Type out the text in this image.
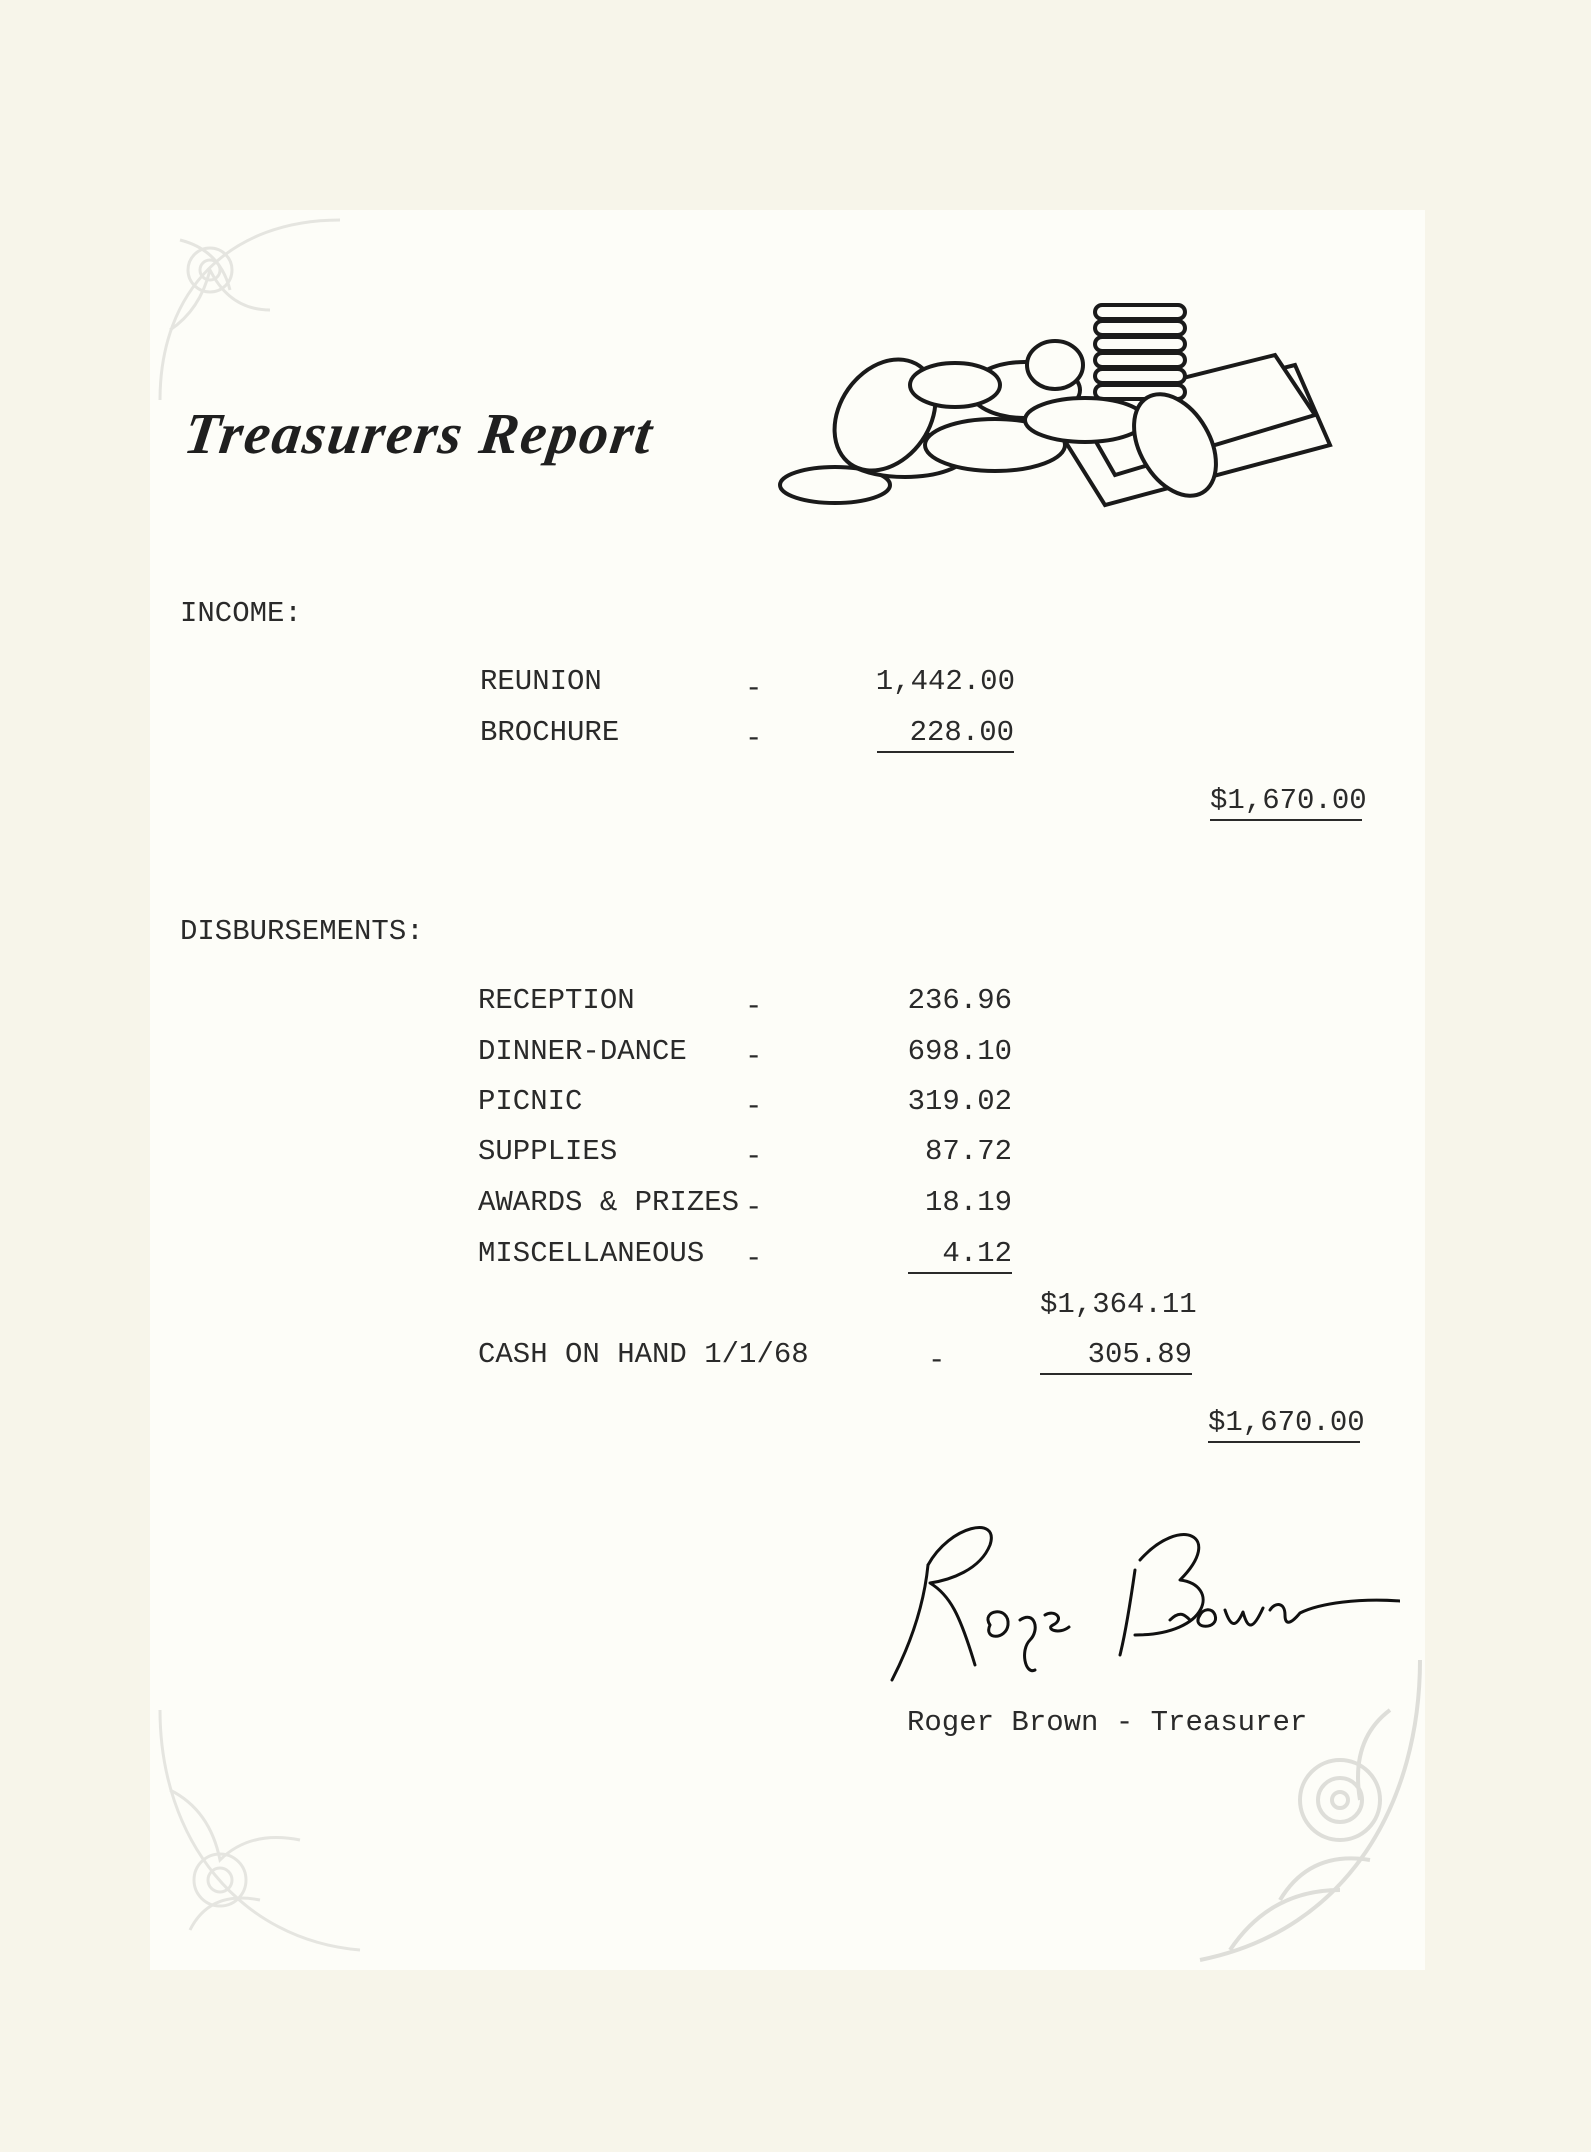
Treasurers Report
INCOME:
REUNION	-	1,442.00
BROCHURE	-	228.00
$1,670.00
DISBURSEMENTS:
RECEPTION	-	236.96
DINNER-DANCE -	698.10
PICNIC	-	319.02
SUPPLIES	-	87.72
AWARDS & PRIZES -	18.19
MISCELLANEOUS -	4.12
$1,364.11
CASH ON HAND 1/1/68	-	305.89
$1,670.00
Roger Brown - Treasurer
